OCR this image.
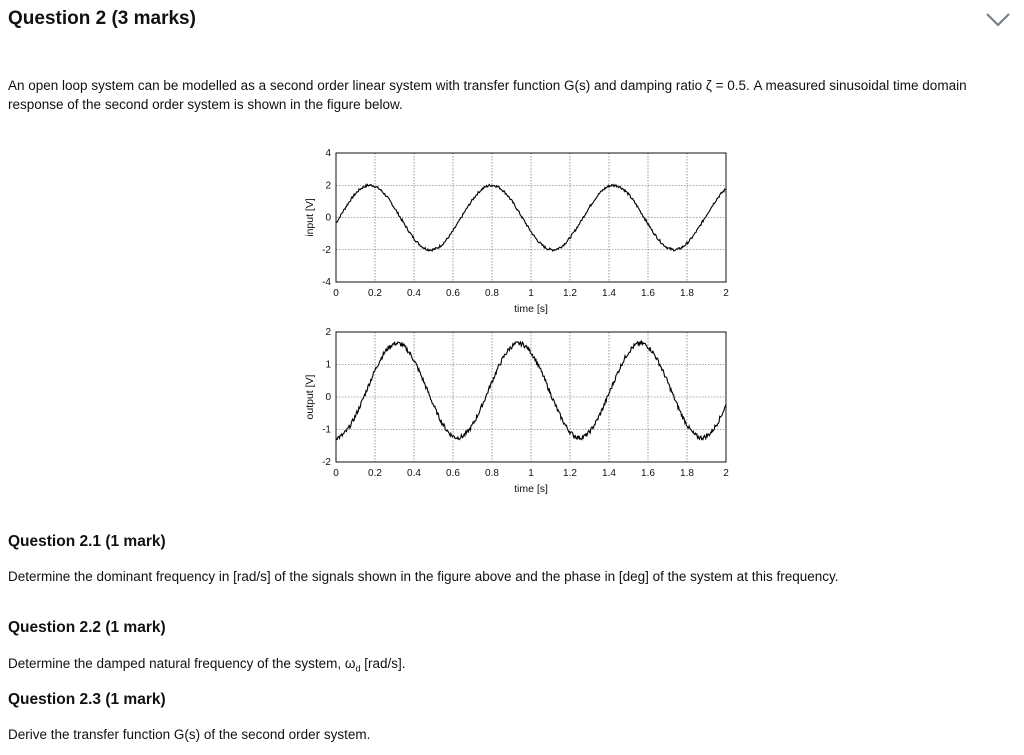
Question 2 (3 marks)
An open loop system can be modelled as a second order linear system with transfer function G(s) and damping ratio ζ = 0.5. A measured sinusoidal time domain response of the second order system is shown in the figure below.
0	0.2	0.4	0.6	0.8	1	1.2	1.4	1.6	1.8	2
4
2
0
-2
-4
time [s]
input [V]
0	0.2	0.4	0.6	0.8	1	1.2	1.4	1.6	1.8	2
2
1
0
-1
-2
time [s]
output [V]
Question 2.1 (1 mark)
Determine the dominant frequency in [rad/s] of the signals shown in the figure above and the phase in [deg] of the system at this frequency.
Question 2.2 (1 mark)
Determine the damped natural frequency of the system, $\omega_d$ [rad/s].
Question 2.3 (1 mark)
Derive the transfer function G(s) of the second order system.
